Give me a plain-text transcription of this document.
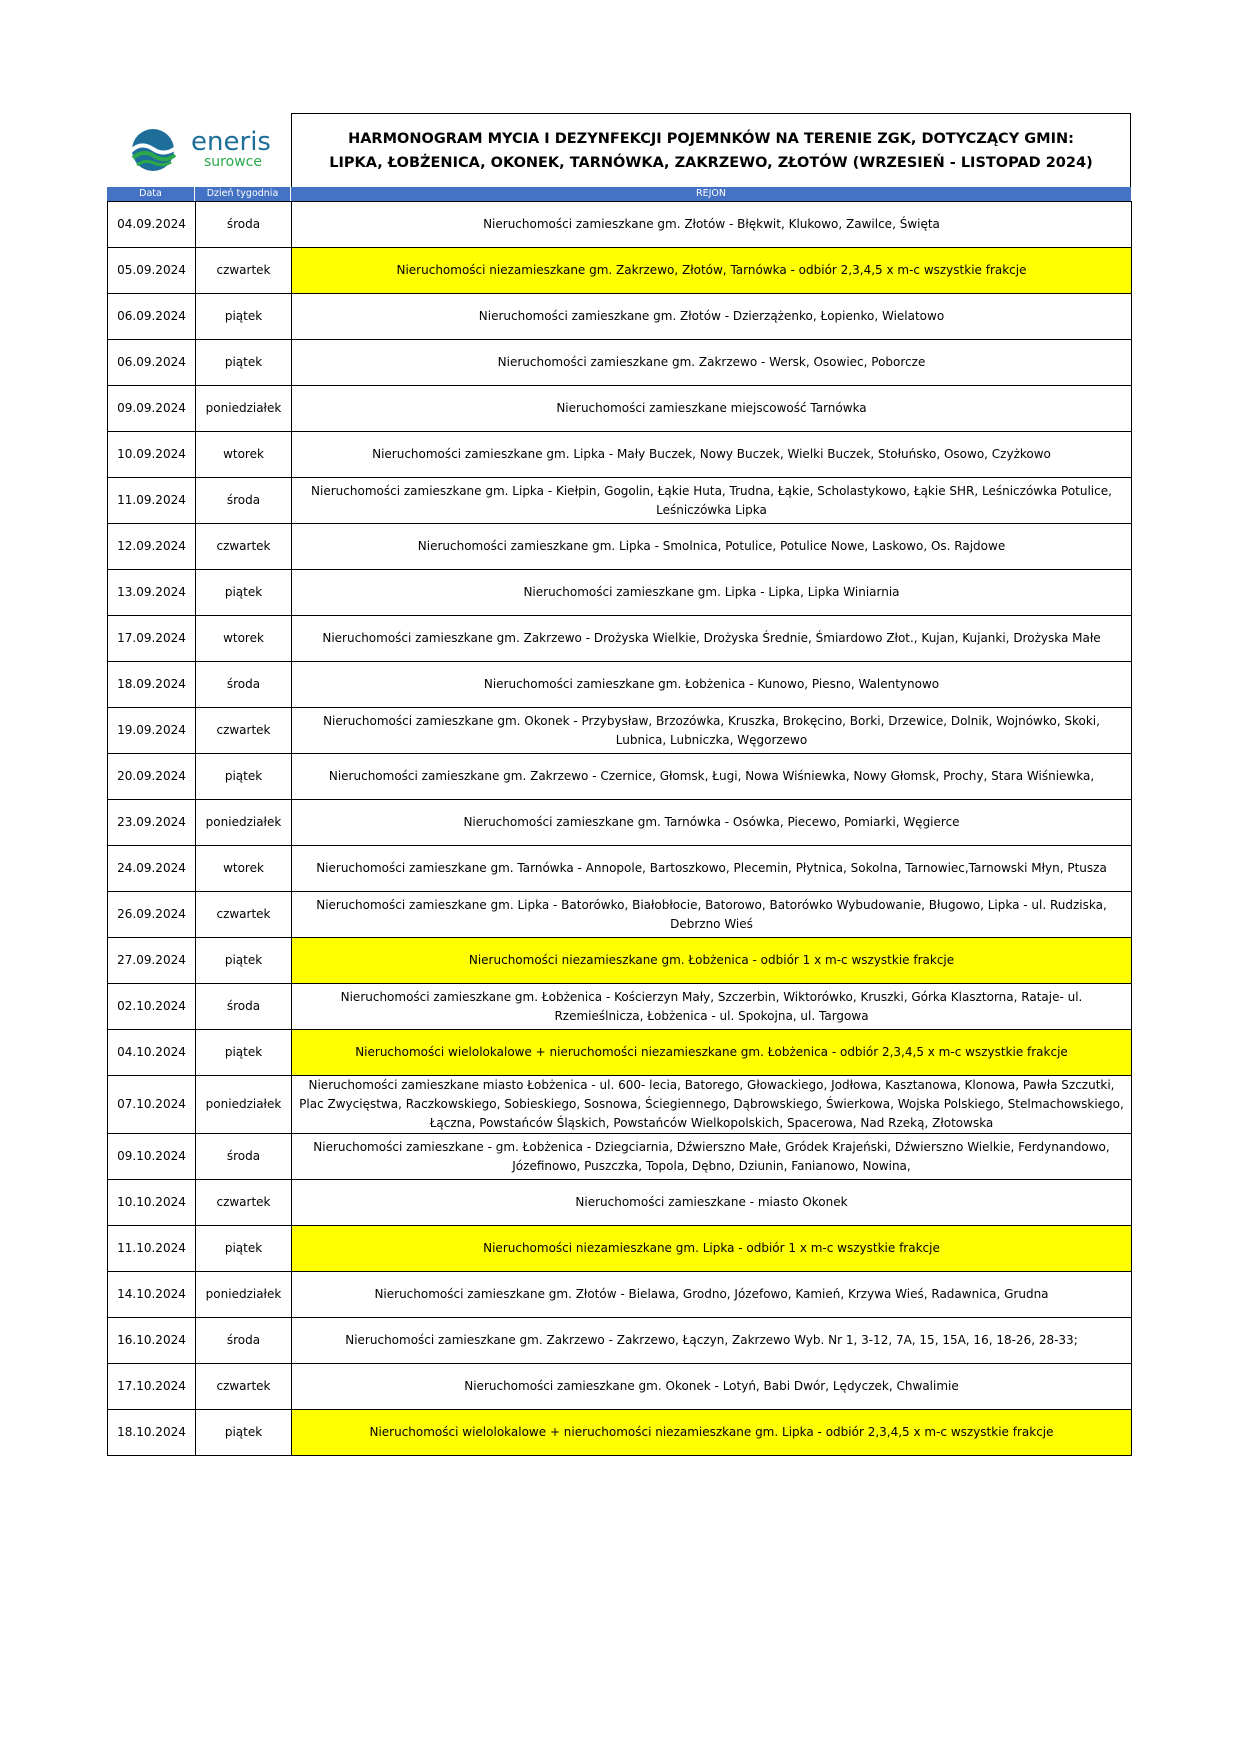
eneris
surowce
HARMONOGRAM MYCIA I DEZYNFEKCJI POJEMNKÓW NA TERENIE ZGK, DOTYCZĄCY GMIN: LIPKA, ŁOBŻENICA, OKONEK, TARNÓWKA, ZAKRZEWO, ZŁOTÓW (WRZESIEŃ - LISTOPAD 2024)
Data	Dzień tygodnia	REJON
04.09.2024	środa	Nieruchomości zamieszkane gm. Złotów - Błękwit, Klukowo, Zawilce, Święta
05.09.2024	czwartek	Nieruchomości niezamieszkane gm. Zakrzewo, Złotów, Tarnówka - odbiór 2,3,4,5 x m-c wszystkie frakcje
06.09.2024	piątek	Nieruchomości zamieszkane gm. Złotów - Dzierzążenko, Łopienko, Wielatowo
06.09.2024	piątek	Nieruchomości zamieszkane gm. Zakrzewo - Wersk, Osowiec, Poborcze
09.09.2024	poniedziałek	Nieruchomości zamieszkane miejscowość Tarnówka
10.09.2024	wtorek	Nieruchomości zamieszkane gm. Lipka - Mały Buczek, Nowy Buczek, Wielki Buczek, Stołuńsko, Osowo, Czyżkowo
11.09.2024	środa	Nieruchomości zamieszkane gm. Lipka - Kiełpin, Gogolin, Łąkie Huta, Trudna, Łąkie, Scholastykowo, Łąkie SHR, Leśniczówka Potulice, Leśniczówka Lipka
12.09.2024	czwartek	Nieruchomości zamieszkane gm. Lipka - Smolnica, Potulice, Potulice Nowe, Laskowo, Os. Rajdowe
13.09.2024	piątek	Nieruchomości zamieszkane gm. Lipka - Lipka, Lipka Winiarnia
17.09.2024	wtorek	Nieruchomości zamieszkane gm. Zakrzewo - Drożyska Wielkie, Drożyska Średnie, Śmiardowo Złot., Kujan, Kujanki, Drożyska Małe
18.09.2024	środa	Nieruchomości zamieszkane gm. Łobżenica - Kunowo, Piesno, Walentynowo
19.09.2024	czwartek	Nieruchomości zamieszkane gm. Okonek - Przybysław, Brzozówka, Kruszka, Brokęcino, Borki, Drzewice, Dolnik, Wojnówko, Skoki, Lubnica, Lubniczka, Węgorzewo
20.09.2024	piątek	Nieruchomości zamieszkane gm. Zakrzewo - Czernice, Głomsk, Ługi, Nowa Wiśniewka, Nowy Głomsk, Prochy, Stara Wiśniewka,
23.09.2024	poniedziałek	Nieruchomości zamieszkane gm. Tarnówka - Osówka, Piecewo, Pomiarki, Węgierce
24.09.2024	wtorek	Nieruchomości zamieszkane gm. Tarnówka - Annopole, Bartoszkowo, Plecemin, Płytnica, Sokolna, Tarnowiec,Tarnowski Młyn, Ptusza
26.09.2024	czwartek	Nieruchomości zamieszkane gm. Lipka - Batorówko, Białobłocie, Batorowo, Batorówko Wybudowanie, Bługowo, Lipka - ul. Rudziska, Debrzno Wieś
27.09.2024	piątek	Nieruchomości niezamieszkane gm. Łobżenica - odbiór 1 x m-c wszystkie frakcje
02.10.2024	środa	Nieruchomości zamieszkane gm. Łobżenica - Kościerzyn Mały, Szczerbin, Wiktorówko, Kruszki, Górka Klasztorna, Rataje- ul. Rzemieślnicza, Łobżenica - ul. Spokojna, ul. Targowa
04.10.2024	piątek	Nieruchomości wielolokalowe + nieruchomości niezamieszkane gm. Łobżenica - odbiór 2,3,4,5 x m-c wszystkie frakcje
07.10.2024	poniedziałek	Nieruchomości zamieszkane miasto Łobżenica - ul. 600- lecia, Batorego, Głowackiego, Jodłowa, Kasztanowa, Klonowa, Pawła Szczutki, Plac Zwycięstwa, Raczkowskiego, Sobieskiego, Sosnowa, Ściegiennego, Dąbrowskiego, Świerkowa, Wojska Polskiego, Stelmachowskiego, Łączna, Powstańców Śląskich, Powstańców Wielkopolskich, Spacerowa, Nad Rzeką, Złotowska
09.10.2024	środa	Nieruchomości zamieszkane - gm. Łobżenica - Dziegciarnia, Dźwierszno Małe, Gródek Krajeński, Dźwierszno Wielkie, Ferdynandowo, Józefinowo, Puszczka, Topola, Dębno, Dziunin, Fanianowo, Nowina,
10.10.2024	czwartek	Nieruchomości zamieszkane - miasto Okonek
11.10.2024	piątek	Nieruchomości niezamieszkane gm. Lipka - odbiór 1 x m-c wszystkie frakcje
14.10.2024	poniedziałek	Nieruchomości zamieszkane gm. Złotów - Bielawa, Grodno, Józefowo, Kamień, Krzywa Wieś, Radawnica, Grudna
16.10.2024	środa	Nieruchomości zamieszkane gm. Zakrzewo - Zakrzewo, Łączyn, Zakrzewo Wyb. Nr 1, 3-12, 7A, 15, 15A, 16, 18-26, 28-33;
17.10.2024	czwartek	Nieruchomości zamieszkane gm. Okonek - Lotyń, Babi Dwór, Lędyczek, Chwalimie
18.10.2024	piątek	Nieruchomości wielolokalowe + nieruchomości niezamieszkane gm. Lipka - odbiór 2,3,4,5 x m-c wszystkie frakcje
